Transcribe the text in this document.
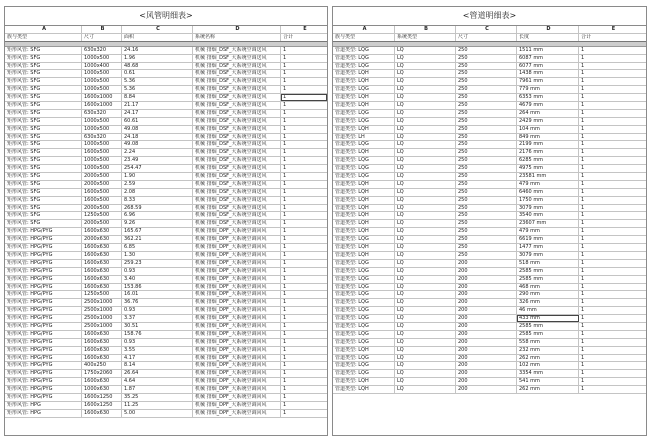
<风管明细表>
A	B	C	D	E
族与类型	尺寸	面积	系统名称	合计
矩形风管: SFG	630x320	24.16	机械 排烟_DSF_大系统空调送风	1
矩形风管: SFG	1000x500	1.96	机械 排烟_DSF_大系统空调送风	1
矩形风管: SFG	1000x400	48.68	机械 排烟_DSF_大系统空调送风	1
矩形风管: SFG	1000x500	0.61	机械 排烟_DSF_大系统空调送风	1
矩形风管: SFG	1000x500	5.36	机械 排烟_DSF_大系统空调送风	1
矩形风管: SFG	1000x500	5.36	机械 排烟_DSF_大系统空调送风	1
矩形风管: SFG	1600x1000	8.84	机械 排烟_DSF_大系统空调送风	1
矩形风管: SFG	1600x1000	21.17	机械 排烟_DSF_大系统空调送风	1
矩形风管: SFG	630x320	24.17	机械 排烟_DSF_大系统空调送风	1
矩形风管: SFG	1000x500	60.61	机械 排烟_DSF_大系统空调送风	1
矩形风管: SFG	1000x500	49.08	机械 排烟_DSF_大系统空调送风	1
矩形风管: SFG	630x320	24.18	机械 排烟_DSF_大系统空调送风	1
矩形风管: SFG	1000x500	49.08	机械 排烟_DSF_大系统空调送风	1
矩形风管: SFG	1600x500	2.24	机械 排烟_DSF_大系统空调送风	1
矩形风管: SFG	1000x500	23.49	机械 排烟_DSF_大系统空调送风	1
矩形风管: SFG	1000x500	254.47	机械 排烟_DSF_大系统空调送风	1
矩形风管: SFG	2000x500	1.90	机械 排烟_DSF_大系统空调送风	1
矩形风管: SFG	2000x500	2.59	机械 排烟_DSF_大系统空调送风	1
矩形风管: SFG	1600x500	2.08	机械 排烟_DSF_大系统空调送风	1
矩形风管: SFG	1600x500	8.33	机械 排烟_DSF_大系统空调送风	1
矩形风管: SFG	2000x500	268.59	机械 排烟_DSF_大系统空调送风	1
矩形风管: SFG	1250x500	6.96	机械 排烟_DSF_大系统空调送风	1
矩形风管: SFG	2000x500	9.26	机械 排烟_DSF_大系统空调送风	1
矩形风管: HPG/PYG	1600x630	165.67	机械 排烟_DPF_大系统空调回风	1
矩形风管: HPG/PYG	2000x630	362.21	机械 排烟_DPF_大系统空调回风	1
矩形风管: HPG/PYG	1600x630	6.85	机械 排烟_DPF_大系统空调回风	1
矩形风管: HPG/PYG	1600x630	1.30	机械 排烟_DPF_大系统空调回风	1
矩形风管: HPG/PYG	1600x630	259.23	机械 排烟_DPF_大系统空调回风	1
矩形风管: HPG/PYG	1600x630	0.93	机械 排烟_DPF_大系统空调回风	1
矩形风管: HPG/PYG	1600x630	3.40	机械 排烟_DPF_大系统空调回风	1
矩形风管: HPG/PYG	1600x630	153.86	机械 排烟_DPF_大系统空调回风	1
矩形风管: HPG/PYG	1250x500	16.01	机械 排烟_DPF_大系统空调回风	1
矩形风管: HPG/PYG	2500x1000	36.76	机械 排烟_DPF_大系统空调回风	1
矩形风管: HPG/PYG	2500x1000	0.93	机械 排烟_DPF_大系统空调回风	1
矩形风管: HPG/PYG	2500x1000	3.37	机械 排烟_DPF_大系统空调回风	1
矩形风管: HPG/PYG	2500x1000	30.51	机械 排烟_DPF_大系统空调回风	1
矩形风管: HPG/PYG	1600x630	158.76	机械 排烟_DPF_大系统空调回风	1
矩形风管: HPG/PYG	1600x630	0.93	机械 排烟_DPF_大系统空调回风	1
矩形风管: HPG/PYG	1600x630	3.55	机械 排烟_DPF_大系统空调回风	1
矩形风管: HPG/PYG	1600x630	4.17	机械 排烟_DPF_大系统空调回风	1
矩形风管: HPG/PYG	400x250	8.14	机械 排烟_DPF_大系统空调回风	1
矩形风管: HPG/PYG	1750x2060	26.64	机械 排烟_DPF_大系统空调回风	1
矩形风管: HPG/PYG	1600x630	4.64	机械 排烟_DPF_大系统空调回风	1
矩形风管: HPG/PYG	1000x630	1.87	机械 排烟_DPF_大系统空调回风	1
矩形风管: HPG/PYG	1600x1250	35.25	机械 排烟_DPF_大系统空调回风	1
矩形风管: HPG	1600x1250	11.25	机械 排烟_DPF_大系统空调回风	1
矩形风管: HPG	1600x630	5.00	机械 排烟_DPF_大系统空调回风	1
<管道明细表>
A	B	C	D	E
族与类型	系统类型	尺寸	长度	合计
管道类型: LQG	LQ	250	1511 mm	1
管道类型: LQG	LQ	250	6087 mm	1
管道类型: LQG	LQ	250	6077 mm	1
管道类型: LQH	LQ	250	1438 mm	1
管道类型: LQH	LQ	250	7961 mm	1
管道类型: LQG	LQ	250	779 mm	1
管道类型: LQH	LQ	250	6353 mm	1
管道类型: LQH	LQ	250	4679 mm	1
管道类型: LQG	LQ	250	264 mm	1
管道类型: LQG	LQ	250	2429 mm	1
管道类型: LQH	LQ	250	104 mm	1
管道类型: LH	LQ	250	849 mm	1
管道类型: LQG	LQ	250	2199 mm	1
管道类型: LQH	LQ	250	2176 mm	1
管道类型: LQG	LQ	250	6285 mm	1
管道类型: LQG	LQ	250	4975 mm	1
管道类型: LQG	LQ	250	23581 mm	1
管道类型: LQH	LQ	250	479 mm	1
管道类型: LQH	LQ	250	6460 mm	1
管道类型: LQH	LQ	250	1750 mm	1
管道类型: LQH	LQ	250	3079 mm	1
管道类型: LQH	LQ	250	3540 mm	1
管道类型: LQH	LQ	250	23607 mm	1
管道类型: LQH	LQ	250	479 mm	1
管道类型: LQG	LQ	250	6619 mm	1
管道类型: LQH	LQ	250	1477 mm	1
管道类型: LQH	LQ	250	3079 mm	1
管道类型: LQG	LQ	200	518 mm	1
管道类型: LQG	LQ	200	2585 mm	1
管道类型: LQG	LQ	200	2585 mm	1
管道类型: LQG	LQ	200	468 mm	1
管道类型: LQG	LQ	200	290 mm	1
管道类型: LQG	LQ	200	326 mm	1
管道类型: LQG	LQ	200	46 mm	1
管道类型: LQG	LQ	200	433 mm	1
管道类型: LQG	LQ	200	2585 mm	1
管道类型: LQG	LQ	200	2585 mm	1
管道类型: LQG	LQ	200	558 mm	1
管道类型: LQH	LQ	200	232 mm	1
管道类型: LQG	LQ	200	262 mm	1
管道类型: LQG	LQ	200	102 mm	1
管道类型: LQG	LQ	200	3354 mm	1
管道类型: LQH	LQ	200	541 mm	1
管道类型: LQH	LQ	200	262 mm	1
